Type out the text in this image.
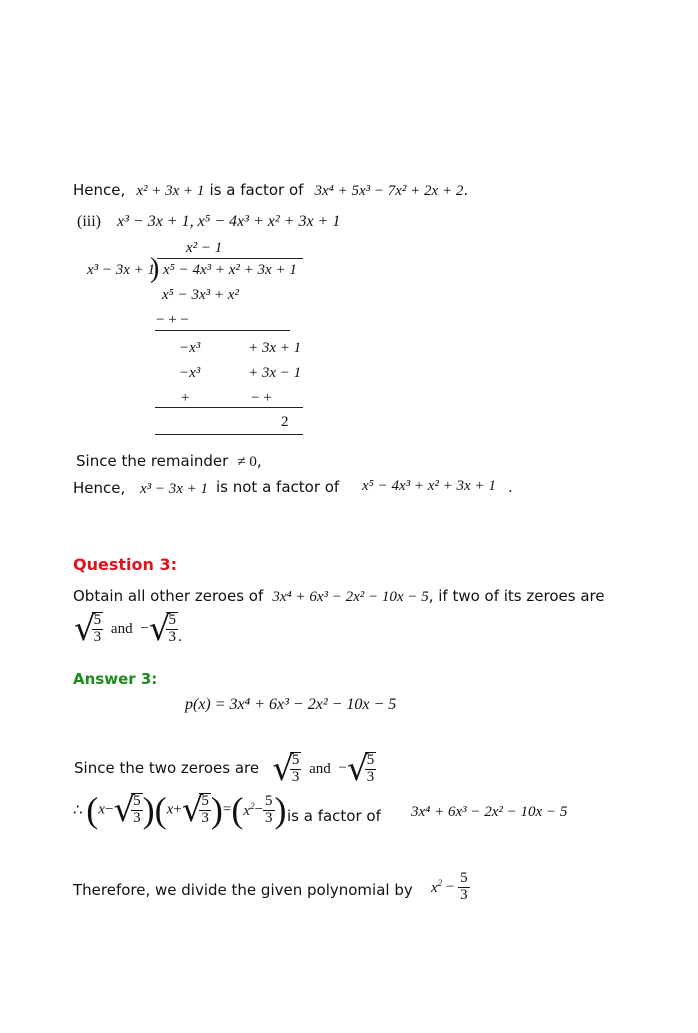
Hence, x² + 3x + 1 is a factor of 3x⁴ + 5x³ − 7x² + 2x + 2.
(iii) x³ − 3x + 1, x⁵ − 4x³ + x² + 3x + 1
x² − 1
x³ − 3x + 1
) x⁵ − 4x³ + x² + 3x + 1
x⁵ − 3x³ + x²
− + −
−x³	+ 3x + 1
−x³	+ 3x − 1
+	− +
2
Since the remainder ≠ 0,
Hence, x³ − 3x + 1 is not a factor of x⁵ − 4x³ + x² + 3x + 1 .
Question 3:
Obtain all other zeroes of 3x⁴ + 6x³ − 2x² − 10x − 5, if two of its zeroes are
√
$\frac{5}{3}$ and −√
$\frac{5}{3}$ .
Answer 3:
p(x) = 3x⁴ + 6x³ − 2x² − 10x − 5
Since the two zeroes are √
$\frac{5}{3}$ and −√
$\frac{5}{3}$
∴ (x−√
$\frac{5}{3} )(x+√$
$\frac{5}{3} )=(x^2- \frac{5}{3}$ ) is a factor of 3x⁴ + 6x³ − 2x² − 10x − 5
Therefore, we divide the given polynomial by $x^2 - \frac{5}{3}$
